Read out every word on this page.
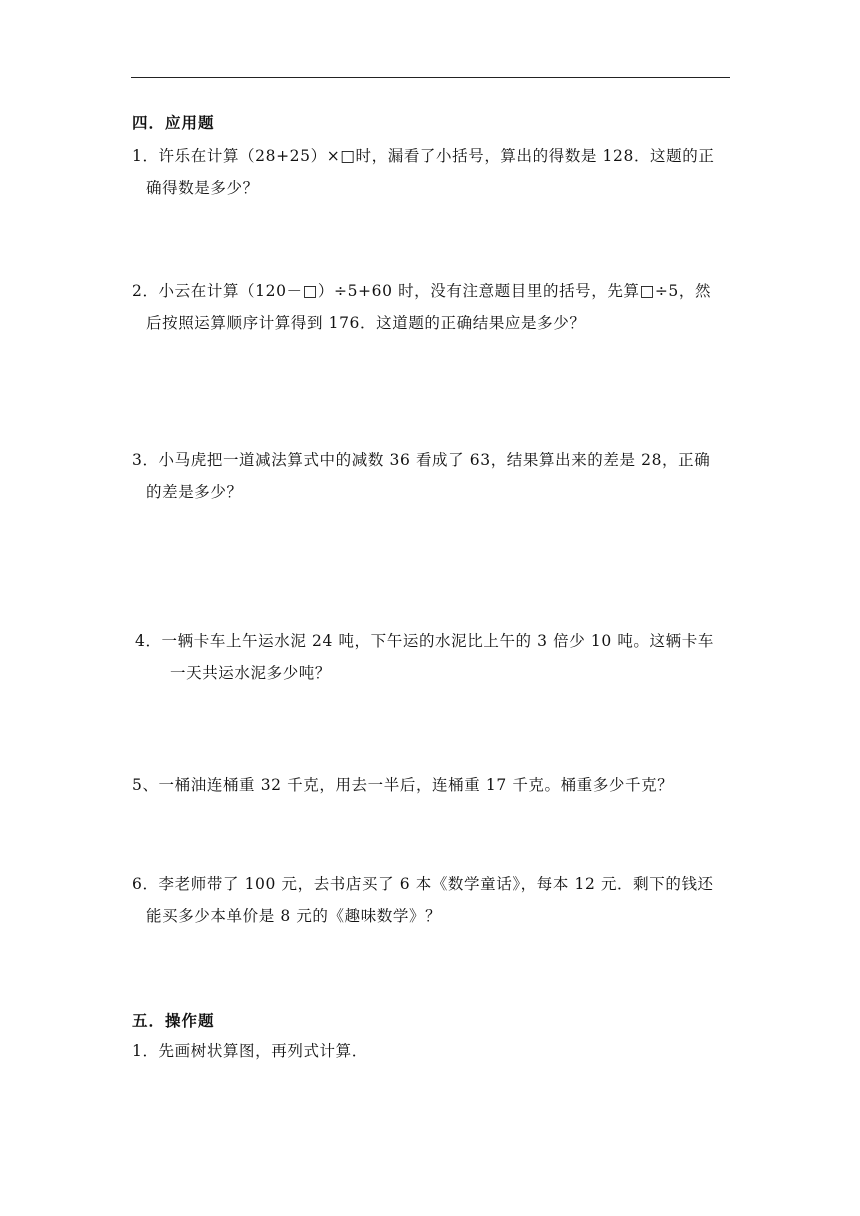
四．应用题
1．许乐在计算（28+25）×□时，漏看了小括号，算出的得数是 128．这题的正
确得数是多少？
2．小云在计算（120－□）÷5+60 时，没有注意题目里的括号，先算□÷5，然
后按照运算顺序计算得到 176．这道题的正确结果应是多少？
3．小马虎把一道减法算式中的减数 36 看成了 63，结果算出来的差是 28，正确
的差是多少？
4．一辆卡车上午运水泥 24 吨，下午运的水泥比上午的 3 倍少 10 吨。这辆卡车
一天共运水泥多少吨？
5、一桶油连桶重 32 千克，用去一半后，连桶重 17 千克。桶重多少千克？
6．李老师带了 100 元，去书店买了 6 本《数学童话》，每本 12 元．剩下的钱还
能买多少本单价是 8 元的《趣味数学》？
五．操作题
1．先画树状算图，再列式计算．
